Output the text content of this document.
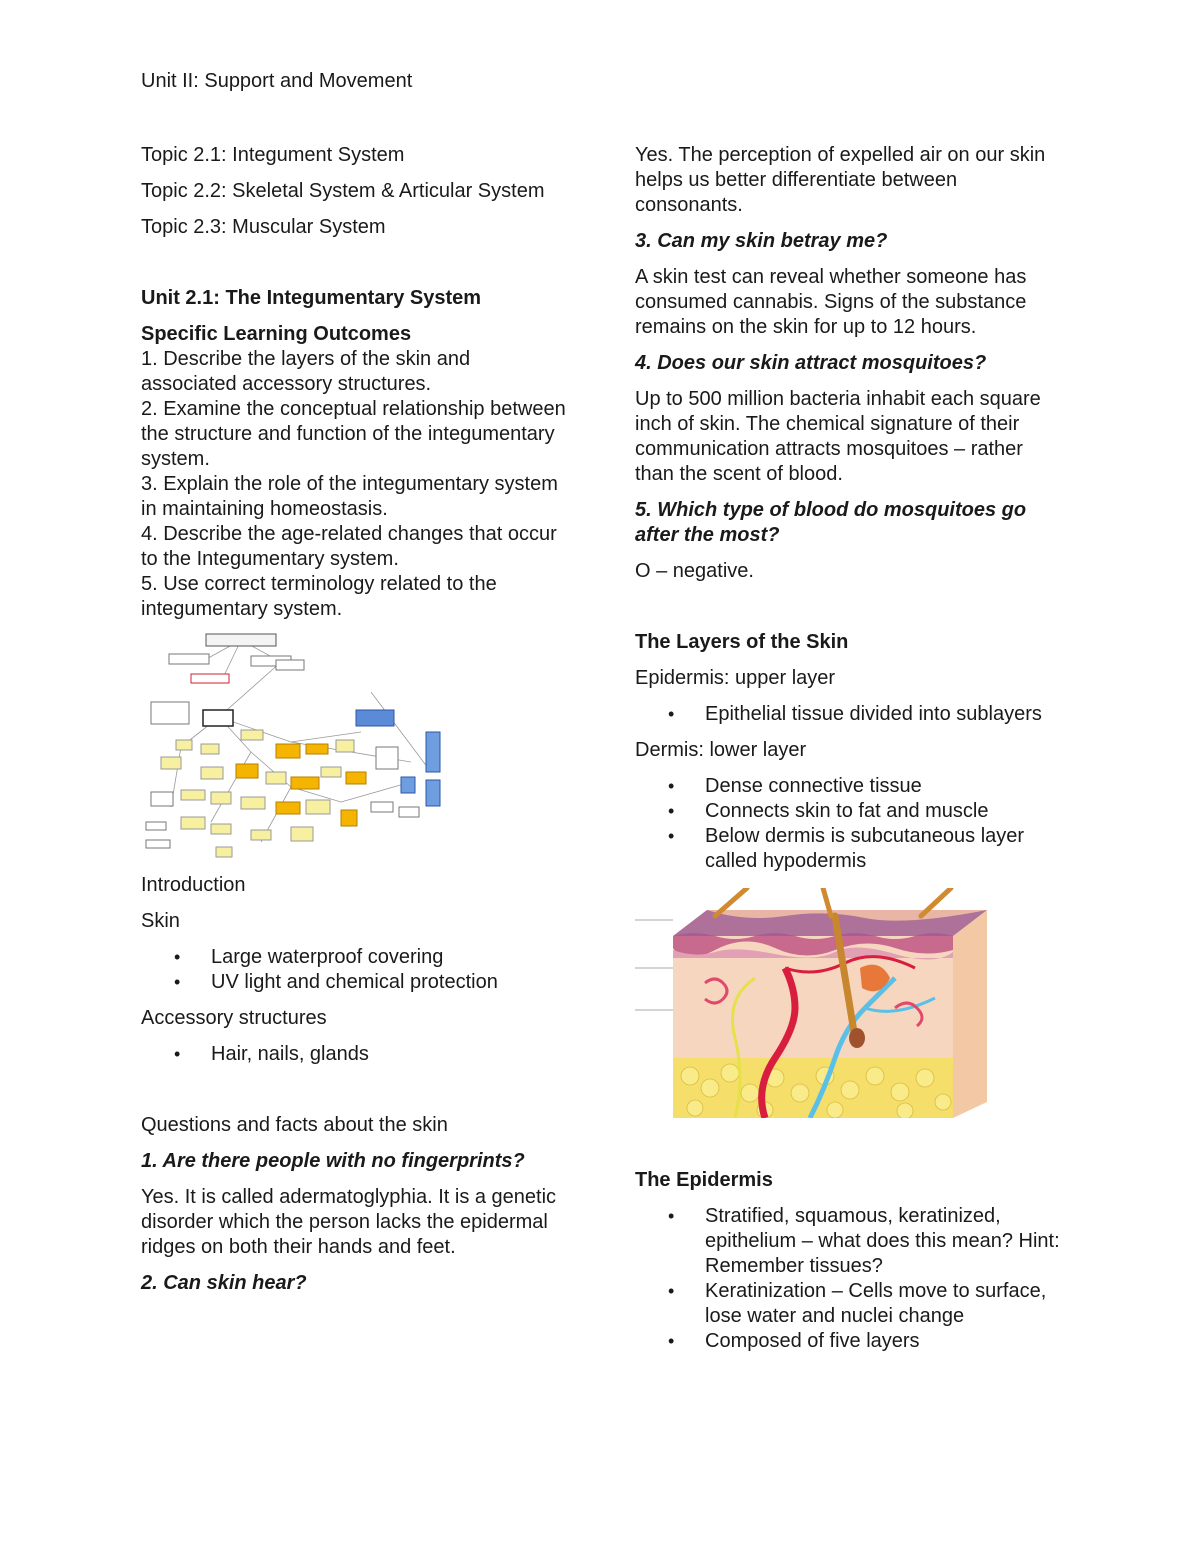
Unit II: Support and Movement

Topic 2.1: Integument System

Topic 2.2: Skeletal System & Articular System

Topic 2.3: Muscular System

Unit 2.1: The Integumentary System

Specific Learning Outcomes

1. Describe the layers of the skin and associated accessory structures.

2. Examine the conceptual relationship between the structure and function of the integumentary system.

3. Explain the role of the integumentary system in maintaining homeostasis.

4. Describe the age-related changes that occur to the Integumentary system.

5. Use correct terminology related to the integumentary system.

Introduction

Skin

• Large waterproof covering
• UV light and chemical protection

Accessory structures

• Hair, nails, glands

Questions and facts about the skin

1. Are there people with no fingerprints?

Yes. It is called adermatoglyphia. It is a genetic disorder which the person lacks the epidermal ridges on both their hands and feet.

2. Can skin hear?

Yes. The perception of expelled air on our skin helps us better differentiate between consonants.

3. Can my skin betray me?

A skin test can reveal whether someone has consumed cannabis. Signs of the substance remains on the skin for up to 12 hours.

4. Does our skin attract mosquitoes?

Up to 500 million bacteria inhabit each square inch of skin. The chemical signature of their communication attracts mosquitoes – rather than the scent of blood.

5. Which type of blood do mosquitoes go after the most?

O – negative.

The Layers of the Skin

Epidermis: upper layer

• Epithelial tissue divided into sublayers

Dermis: lower layer

• Dense connective tissue
• Connects skin to fat and muscle
• Below dermis is subcutaneous layer called hypodermis

The Epidermis

• Stratified, squamous, keratinized, epithelium – what does this mean? Hint: Remember tissues?
• Keratinization – Cells move to surface, lose water and nuclei change
• Composed of five layers
